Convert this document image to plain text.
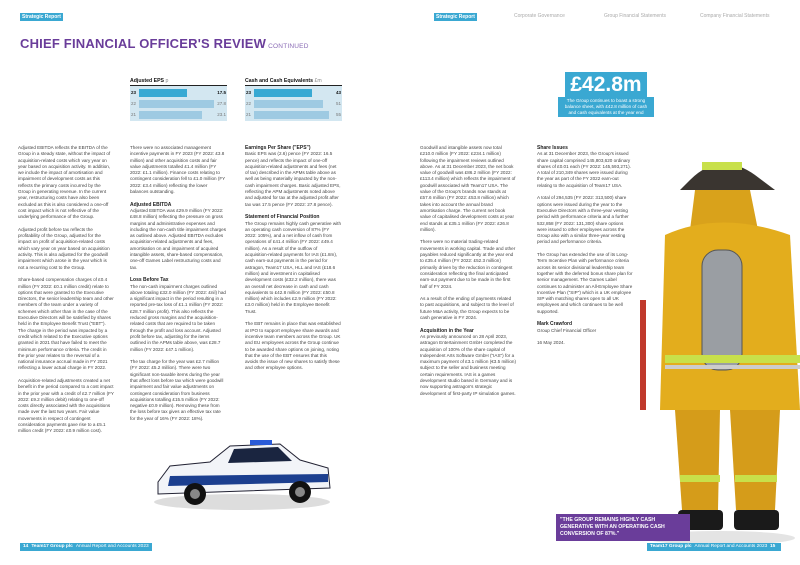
Strategic Report
CHIEF FINANCIAL OFFICER'S REVIEW CONTINUED
Adjusted EPS p
23	17.5
22	27.8
21	23.1
Cash and Cash Equivalents £m
23	43
22	51
21	55

Adjusted EBITDA reflects the EBITDA of the Group in a steady state, without the impact of acquisition-related costs which vary year on year based on acquisition activity. In addition, we include the impact of amortisation and impairment of development costs as this reflects the primary costs incurred by the Group in generating revenue. In the current year, restructuring costs have also been excluded as this is also considered a one-off cost impact which is not reflective of the underlying performance of the Group.

Adjusted profit before tax reflects the profitability of the Group, adjusted for the impact on profit of acquisition-related costs which vary year on year based on acquisition activity. This is also adjusted for the goodwill impairment which arose in the year which is not a recurring cost to the Group.

Share-based compensation charges of £0.4 million (FY 2022: £0.1 million credit) relate to options that were granted to the Executive Directors, the senior leadership team and other members of the team under a variety of schemes which other than in the case of the Executive Directors will be satisfied by shares held in the Employee Benefit Trust ("EBT"). The charge in the period was impacted by a credit which related to the Executive options granted in 2021 that have failed to meet the minimum performance criteria. The credit in the prior year relates to the reversal of a national insurance accrual made in FY 2021 reflecting a lower actual charge in FY 2022.

Acquisition-related adjustments created a net benefit in the period compared to a cost impact in the prior year with a credit of £2.7 million (FY 2022: £9.2 million debit) relating to one-off costs directly associated with the acquisitions made over the last two years. Fair value movements in respect of contingent consideration payments gave rise to a £5.1 million credit (FY 2022: £0.9 million cost).

There were no associated management incentive payments in FY 2023 (FY 2022: £3.8 million) and other acquisition costs and fair value adjustments totalled £1.4 million (FY 2022: £1.1 million). Finance costs relating to contingent consideration fell to £1.0 million (FY 2022: £3.4 million) reflecting the lower balances outstanding.

Adjusted EBITDA

Adjusted EBITDA was £29.9 million (FY 2022: £48.8 million) reflecting the pressure on gross margins and administrative expenses and including the non-cash title impairment charges as outlined above. Adjusted EBITDA excludes acquisition-related adjustments and fees, amortisation on and impairment of acquired intangible assets, share-based compensation, one-off Games Label restructuring costs and tax.

Loss Before Tax

The non-cash impairment charges outlined above totaling £32.0 million (FY 2022: £nil) had a significant impact in the period resulting in a reported pre-tax loss of £1.1 million (FY 2022: £28.7 million profit). This also reflects the reduced gross margins and the acquisition-related costs that are required to be taken through the profit and loss account. Adjusted profit before tax, adjusting for the items outlined in the APMs table above, was £28.7 million (FY 2022: £47.1 million).

The tax charge for the year was £2.7 million (FY 2022: £5.2 million). There were two significant non-taxable items during the year that affect loss before tax which were goodwill impairment and fair value adjustments on contingent consideration from business acquisitions totalling £15.5 million (FY 2022: negative £0.9 million). Removing these from the loss before tax gives an effective tax rate for the year of 16% (FY 2022: 18%).

Earnings Per Share ("EPS")

Basic EPS was (2.6) pence (FY 2022: 16.5 pence) and reflects the impact of one-off acquisition-related adjustments and fees (net of tax) described in the APMs table above as well as being materially impacted by the non-cash impairment charges. Basic adjusted EPS, reflecting the APM adjustments noted above and adjusted for tax at the adjusted profit after tax was 17.5 pence (FY 2022: 27.8 pence).

Statement of Financial Position

The Group remains highly cash generative with an operating cash conversion of 87% (FY 2022: 105%), and a net inflow of cash from operations of £41.4 million (FY 2022: £49.4 million). As a result of the outflow of acquisition-related payments for IAS (£1.8m), cash earn-out payments in the period for astragon, Team17 USA, HLL and IAS (£18.6 million) and investment in capitalised development costs (£32.2 million), there was an overall net decrease in cash and cash equivalents to £42.8 million (FY 2022: £50.8 million) which includes £2.9 million (FY 2022: £3.0 million) held in the Employee Benefit Trust.

The EBT remains in place that was established at IPO to support employee share awards and incentive team members across the Group. UK and EU employees across the Group continue to be awarded share options on joining, noting that the use of the EBT ensures that this avoids the issue of new shares to satisfy these and other employee options.

14 Team17 Group plc Annual Report and Accounts 2023
Strategic Report	Corporate Governance	Group Financial Statements	Company Financial Statements
£42.8m
The Group continues to boast a strong balance sheet, with £42.8 million of cash and cash equivalents at the year end

Goodwill and intangible assets now total £210.0 million (FY 2022: £234.1 million) following the impairment reviews outlined above. As at 31 December 2023, the net book value of goodwill was £86.2 million (FY 2022: £113.4 million) which reflects the impairment of goodwill associated with Team17 USA. The value of the Group's brands now stands at £57.6 million (FY 2022: £53.8 million) which takes into account the annual brand amortisation charge. The current net book value of capitalised development costs at year end stands at £35.1 million (FY 2022: £26.8 million).

There were no material trading-related movements in working capital. Trade and other payables reduced significantly at the year end to £35.4 million (FY 2022: £52.3 million) primarily driven by the reduction in contingent consideration reflecting the final anticipated earn-out payment due to be made in the first half of FY 2024.

As a result of the ending of payments related to past acquisitions, and subject to the level of future M&A activity, the Group expects to be cash generative in FY 2024.

Acquisition in the Year

As previously announced on 28 April 2023, astragon Entertainment GmbH completed the acquisition of 100% of the share capital of Independent Arts Software GmbH ("IAS") for a maximum payment of £3.1 million (€3.5 million) subject to the seller and business meeting certain requirements. IAS is a games development studio based in Germany and is now supporting astragon's strategic development of first-party IP simulation games.

Share Issues

As at 31 December 2023, the Group's issued share capital comprised 145,803,620 ordinary shares of £0.01 each (FY 2022: 145,593,271). A total of 210,349 shares were issued during the year as part of the FY 2022 earn-out relating to the acquisition of Team17 USA.

A total of 294,535 (FY 2022: 313,500) share options were issued during the year to the Executive Directors with a three-year vesting period with performance criteria and a further 532,858 (FY 2022: 131,300) share options were issued to other employees across the Group also with a similar three-year vesting period and performance criteria.

The Group has extended the use of its Long-Term Incentive Plan with performance criteria across its senior divisional leadership team together with the deferred bonus share plan for senior management. The Games Label continues to administer an All-Employee Share Incentive Plan ("SIP") which is a UK employee SIP with matching shares open to all UK employees and which continues to be well supported.

Mark Crawford
Group Chief Financial Officer
16 May 2024.
"THE GROUP REMAINS HIGHLY CASH GENERATIVE WITH AN OPERATING CASH CONVERSION OF 87%."
Team17 Group plc Annual Report and Accounts 2023 15
